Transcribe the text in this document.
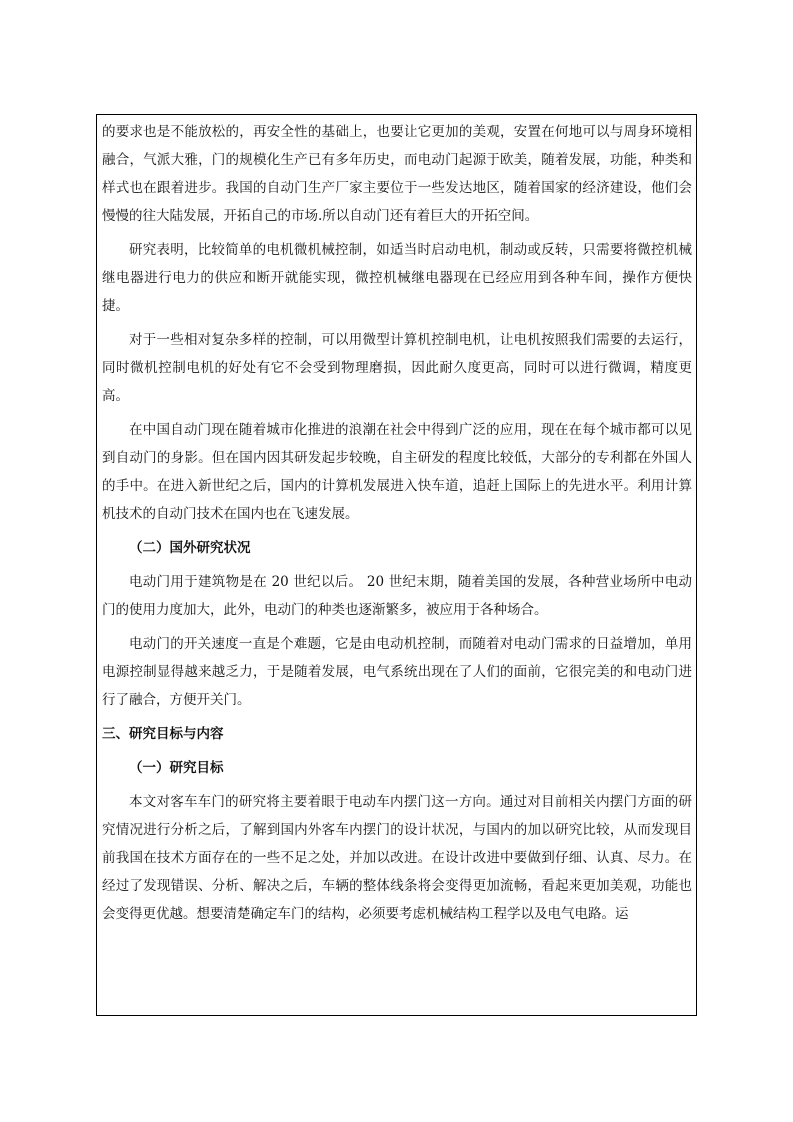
的要求也是不能放松的，再安全性的基础上，也要让它更加的美观，安置在何地可以与周身环境相融合，气派大雅，门的规模化生产已有多年历史，而电动门起源于欧美，随着发展，功能，种类和样式也在跟着进步。我国的自动门生产厂家主要位于一些发达地区，随着国家的经济建设，他们会慢慢的往大陆发展，开拓自己的市场.所以自动门还有着巨大的开拓空间。

研究表明，比较简单的电机微机械控制，如适当时启动电机，制动或反转，只需要将微控机械继电器进行电力的供应和断开就能实现，微控机械继电器现在已经应用到各种车间，操作方便快捷。

对于一些相对复杂多样的控制，可以用微型计算机控制电机，让电机按照我们需要的去运行，同时微机控制电机的好处有它不会受到物理磨损，因此耐久度更高，同时可以进行微调，精度更高。

在中国自动门现在随着城市化推进的浪潮在社会中得到广泛的应用，现在在每个城市都可以见到自动门的身影。但在国内因其研发起步较晚，自主研发的程度比较低，大部分的专利都在外国人的手中。在进入新世纪之后，国内的计算机发展进入快车道，追赶上国际上的先进水平。利用计算机技术的自动门技术在国内也在飞速发展。

（二）国外研究状况

电动门用于建筑物是在 20 世纪以后。 20 世纪末期，随着美国的发展，各种营业场所中电动门的使用力度加大，此外，电动门的种类也逐渐繁多，被应用于各种场合。

电动门的开关速度一直是个难题，它是由电动机控制，而随着对电动门需求的日益增加，单用电源控制显得越来越乏力，于是随着发展，电气系统出现在了人们的面前，它很完美的和电动门进行了融合，方便开关门。

三、研究目标与内容

（一）研究目标

本文对客车车门的研究将主要着眼于电动车内摆门这一方向。通过对目前相关内摆门方面的研究情况进行分析之后，了解到国内外客车内摆门的设计状况，与国内的加以研究比较，从而发现目前我国在技术方面存在的一些不足之处，并加以改进。在设计改进中要做到仔细、认真、尽力。在经过了发现错误、分析、解决之后，车辆的整体线条将会变得更加流畅，看起来更加美观，功能也会变得更优越。想要清楚确定车门的结构，必须要考虑机械结构工程学以及电气电路。运
